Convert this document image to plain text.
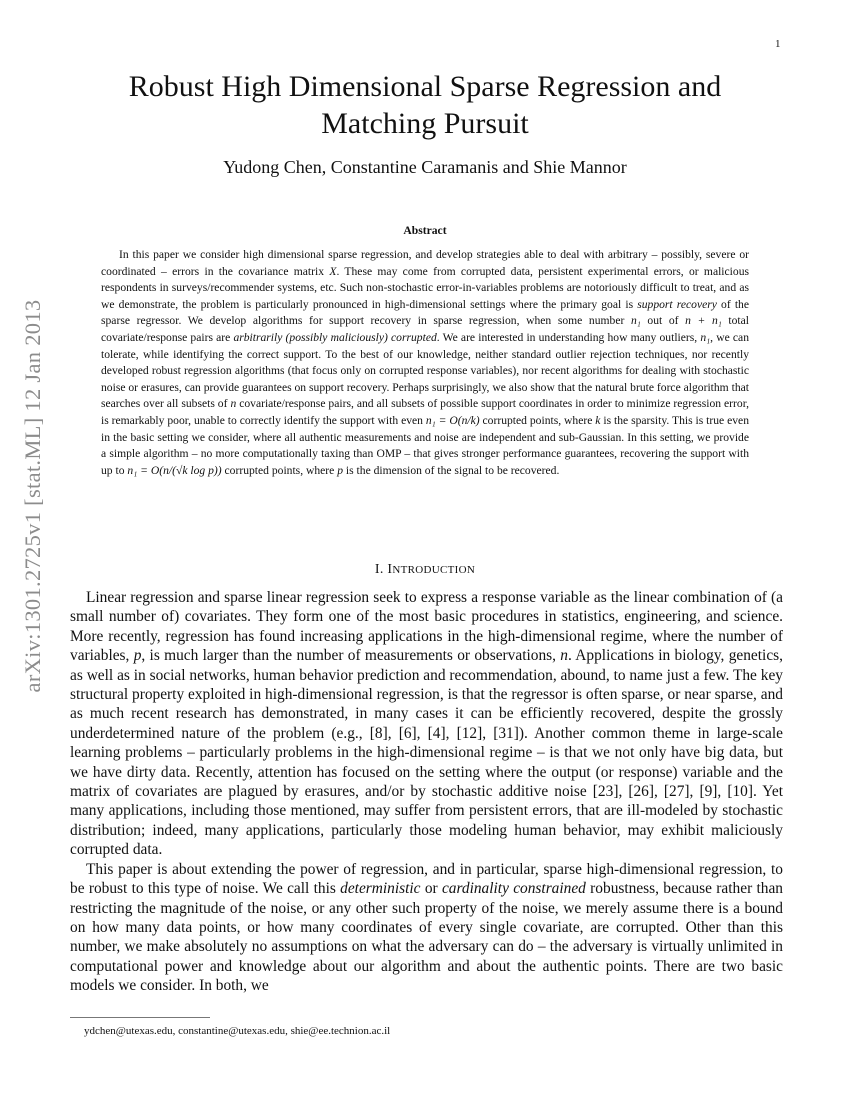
1
arXiv:1301.2725v1 [stat.ML] 12 Jan 2013
Robust High Dimensional Sparse Regression and Matching Pursuit
Yudong Chen, Constantine Caramanis and Shie Mannor
Abstract

In this paper we consider high dimensional sparse regression, and develop strategies able to deal with arbitrary – possibly, severe or coordinated – errors in the covariance matrix X. These may come from corrupted data, persistent experimental errors, or malicious respondents in surveys/recommender systems, etc. Such non-stochastic error-in-variables problems are notoriously difficult to treat, and as we demonstrate, the problem is particularly pronounced in high-dimensional settings where the primary goal is support recovery of the sparse regressor. We develop algorithms for support recovery in sparse regression, when some number n₁ out of n + n₁ total covariate/response pairs are arbitrarily (possibly maliciously) corrupted. We are interested in understanding how many outliers, n₁, we can tolerate, while identifying the correct support. To the best of our knowledge, neither standard outlier rejection techniques, nor recently developed robust regression algorithms (that focus only on corrupted response variables), nor recent algorithms for dealing with stochastic noise or erasures, can provide guarantees on support recovery. Perhaps surprisingly, we also show that the natural brute force algorithm that searches over all subsets of n covariate/response pairs, and all subsets of possible support coordinates in order to minimize regression error, is remarkably poor, unable to correctly identify the support with even n₁ = O(n/k) corrupted points, where k is the sparsity. This is true even in the basic setting we consider, where all authentic measurements and noise are independent and sub-Gaussian. In this setting, we provide a simple algorithm – no more computationally taxing than OMP – that gives stronger performance guarantees, recovering the support with up to n₁ = O(n/(√k log p)) corrupted points, where p is the dimension of the signal to be recovered.

I. INTRODUCTION

Linear regression and sparse linear regression seek to express a response variable as the linear combination of (a small number of) covariates. They form one of the most basic procedures in statistics, engineering, and science. More recently, regression has found increasing applications in the high-dimensional regime, where the number of variables, p, is much larger than the number of measurements or observations, n. Applications in biology, genetics, as well as in social networks, human behavior prediction and recommendation, abound, to name just a few. The key structural property exploited in high-dimensional regression, is that the regressor is often sparse, or near sparse, and as much recent research has demonstrated, in many cases it can be efficiently recovered, despite the grossly underdetermined nature of the problem (e.g., [8], [6], [4], [12], [31]). Another common theme in large-scale learning problems – particularly problems in the high-dimensional regime – is that we not only have big data, but we have dirty data. Recently, attention has focused on the setting where the output (or response) variable and the matrix of covariates are plagued by erasures, and/or by stochastic additive noise [23], [26], [27], [9], [10]. Yet many applications, including those mentioned, may suffer from persistent errors, that are ill-modeled by stochastic distribution; indeed, many applications, particularly those modeling human behavior, may exhibit maliciously corrupted data.

This paper is about extending the power of regression, and in particular, sparse high-dimensional regression, to be robust to this type of noise. We call this deterministic or cardinality constrained robustness, because rather than restricting the magnitude of the noise, or any other such property of the noise, we merely assume there is a bound on how many data points, or how many coordinates of every single covariate, are corrupted. Other than this number, we make absolutely no assumptions on what the adversary can do – the adversary is virtually unlimited in computational power and knowledge about our algorithm and about the authentic points. There are two basic models we consider. In both, we

ydchen@utexas.edu, constantine@utexas.edu, shie@ee.technion.ac.il
